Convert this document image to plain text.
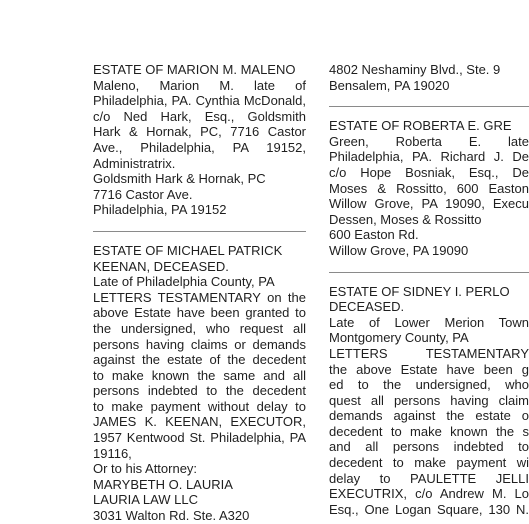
ESTATE OF MARION M. MALENO
Maleno, Marion M. late of
Philadelphia, PA. Cynthia McDonald,
c/o Ned Hark, Esq., Goldsmith
Hark & Hornak, PC, 7716 Castor
Ave., Philadelphia, PA 19152,
Administratrix.
Goldsmith Hark & Hornak, PC
7716 Castor Ave.
Philadelphia, PA 19152
ESTATE OF MICHAEL PATRICK
KEENAN, DECEASED.
Late of Philadelphia County, PA
LETTERS TESTAMENTARY on the
above Estate have been granted to
the undersigned, who request all
persons having claims or demands
against the estate of the decedent
to make known the same and all
persons indebted to the decedent
to make payment without delay to
JAMES K. KEENAN, EXECUTOR,
1957 Kentwood St. Philadelphia, PA
19116,
Or to his Attorney:
MARYBETH O. LAURIA
LAURIA LAW LLC
3031 Walton Rd. Ste. A320
4802 Neshaminy Blvd., Ste. 9
Bensalem, PA 19020
ESTATE OF ROBERTA E. GRE
Green, Roberta E. late
Philadelphia, PA. Richard J. De
c/o Hope Bosniak, Esq., De
Moses & Rossitto, 600 Easton
Willow Grove, PA 19090, Execu
Dessen, Moses & Rossitto
600 Easton Rd.
Willow Grove, PA 19090
ESTATE OF SIDNEY I. PERLO
DECEASED.
Late of Lower Merion Town
Montgomery County, PA
LETTERS TESTAMENTARY
the above Estate have been g
ed to the undersigned, who
quest all persons having claim
demands against the estate o
decedent to make known the s
and all persons indebted to
decedent to make payment wi
delay to PAULETTE JELLI
EXECUTRIX, c/o Andrew M. Lo
Esq., One Logan Square, 130 N.
